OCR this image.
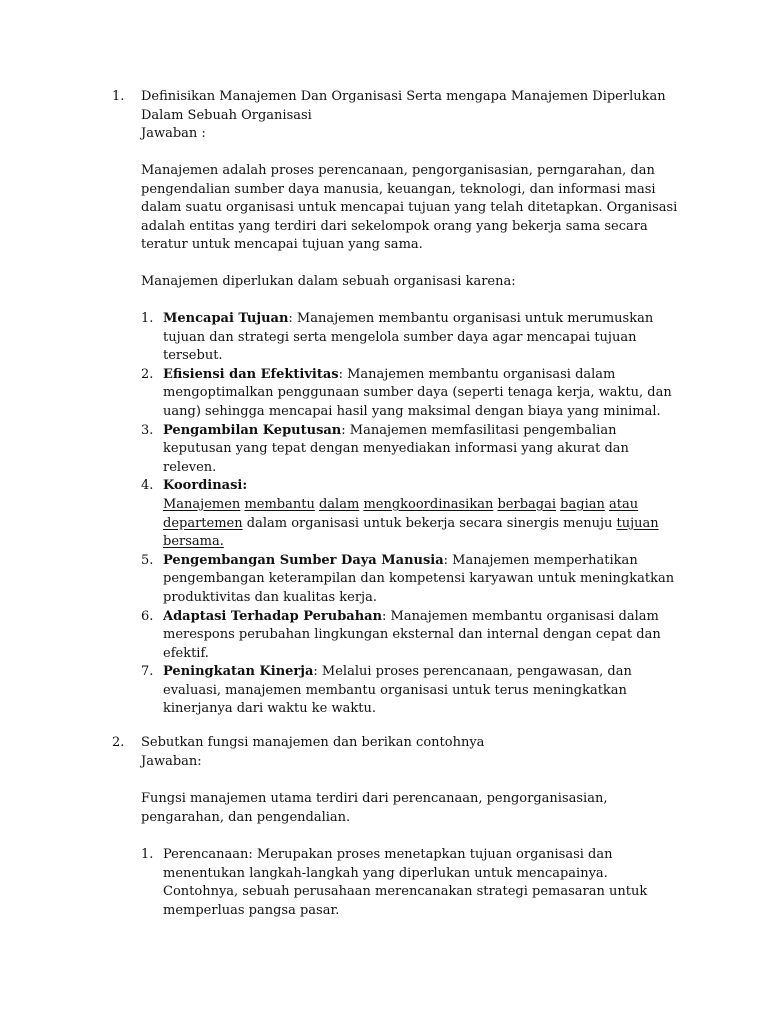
1. Definisikan Manajemen Dan Organisasi Serta mengapa Manajemen Diperlukan
Dalam Sebuah Organisasi
Jawaban :
Manajemen adalah proses perencanaan, pengorganisasian, perngarahan, dan pengendalian sumber daya manusia, keuangan, teknologi, dan informasi masi dalam suatu organisasi untuk mencapai tujuan yang telah ditetapkan. Organisasi adalah entitas yang terdiri dari sekelompok orang yang bekerja sama secara teratur untuk mencapai tujuan yang sama.
Manajemen diperlukan dalam sebuah organisasi karena:
1. Mencapai Tujuan: Manajemen membantu organisasi untuk merumuskan tujuan dan strategi serta mengelola sumber daya agar mencapai tujuan tersebut.
2. Efisiensi dan Efektivitas: Manajemen membantu organisasi dalam mengoptimalkan penggunaan sumber daya (seperti tenaga kerja, waktu, dan uang) sehingga mencapai hasil yang maksimal dengan biaya yang minimal.
3. Pengambilan Keputusan: Manajemen memfasilitasi pengembalian keputusan yang tepat dengan menyediakan informasi yang akurat dan releven.
4. Koordinasi:
Manajemen membantu dalam mengkoordinasikan berbagai bagian atau departemen dalam organisasi untuk bekerja secara sinergis menuju tujuan bersama.
5. Pengembangan Sumber Daya Manusia: Manajemen memperhatikan pengembangan keterampilan dan kompetensi karyawan untuk meningkatkan produktivitas dan kualitas kerja.
6. Adaptasi Terhadap Perubahan: Manajemen membantu organisasi dalam merespons perubahan lingkungan eksternal dan internal dengan cepat dan efektif.
7. Peningkatan Kinerja: Melalui proses perencanaan, pengawasan, dan evaluasi, manajemen membantu organisasi untuk terus meningkatkan kinerjanya dari waktu ke waktu.
2. Sebutkan fungsi manajemen dan berikan contohnya
Jawaban:
Fungsi manajemen utama terdiri dari perencanaan, pengorganisasian, pengarahan, dan pengendalian.
1. Perencanaan: Merupakan proses menetapkan tujuan organisasi dan menentukan langkah-langkah yang diperlukan untuk mencapainya. Contohnya, sebuah perusahaan merencanakan strategi pemasaran untuk memperluas pangsa pasar.
